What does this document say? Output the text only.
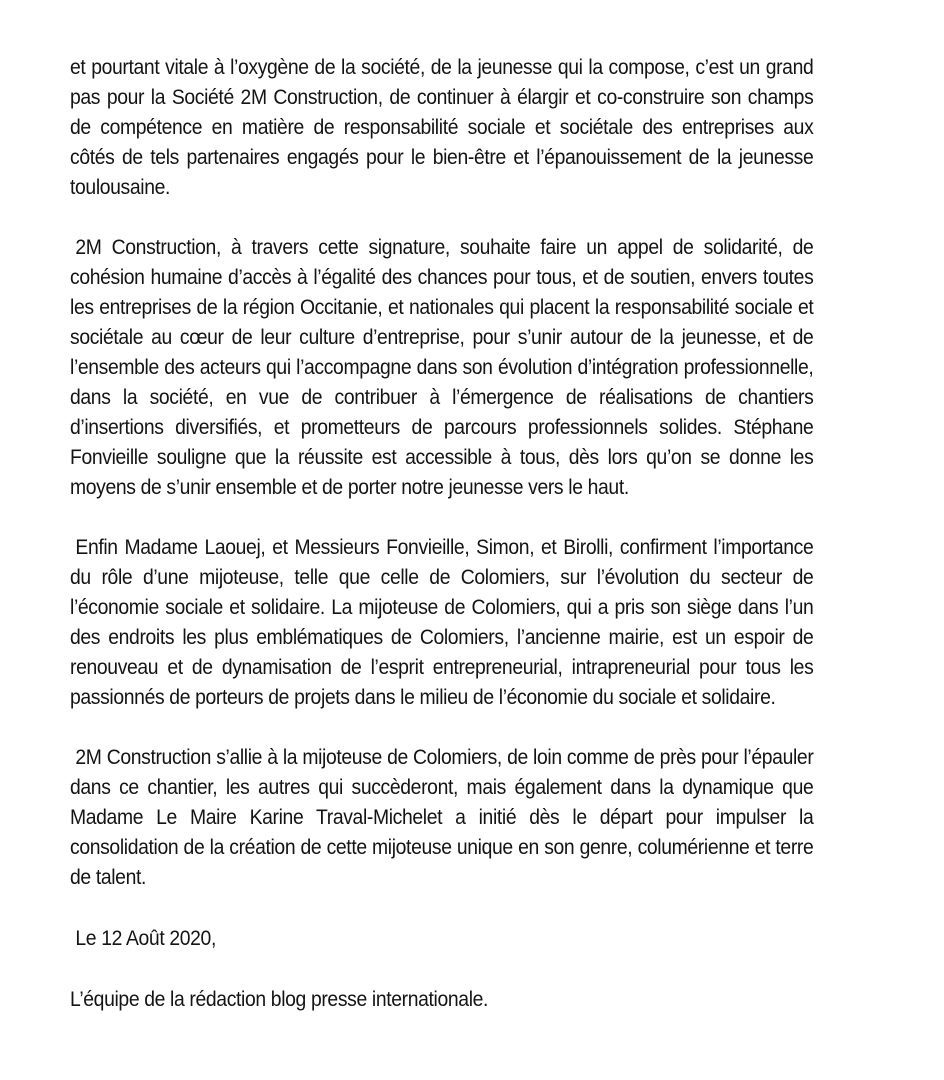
et pourtant vitale à l’oxygène de la société, de la jeunesse qui la compose, c’est un grand pas pour la Société 2M Construction, de continuer à élargir et co-construire son champs de compétence en matière de responsabilité sociale et sociétale des entreprises aux côtés de tels partenaires engagés pour le bien-être et l’épanouissement de la jeunesse toulousaine.

2M Construction, à travers cette signature, souhaite faire un appel de solidarité, de cohésion humaine d’accès à l’égalité des chances pour tous, et de soutien, envers toutes les entreprises de la région Occitanie, et nationales qui placent la responsabilité sociale et sociétale au cœur de leur culture d’entreprise, pour s’unir autour de la jeunesse, et de l’ensemble des acteurs qui l’accompagne dans son évolution d’intégration professionnelle, dans la société, en vue de contribuer à l’émergence de réalisations de chantiers d’insertions diversifiés, et prometteurs de parcours professionnels solides. Stéphane Fonvieille souligne que la réussite est accessible à tous, dès lors qu’on se donne les moyens de s’unir ensemble et de porter notre jeunesse vers le haut.

Enfin Madame Laouej, et Messieurs Fonvieille, Simon, et Birolli, confirment l’importance du rôle d’une mijoteuse, telle que celle de Colomiers, sur l’évolution du secteur de l’économie sociale et solidaire. La mijoteuse de Colomiers, qui a pris son siège dans l’un des endroits les plus emblématiques de Colomiers, l’ancienne mairie, est un espoir de renouveau et de dynamisation de l’esprit entrepreneurial, intrapreneurial pour tous les passionnés de porteurs de projets dans le milieu de l’économie du sociale et solidaire.

2M Construction s’allie à la mijoteuse de Colomiers, de loin comme de près pour l’épauler dans ce chantier, les autres qui succèderont, mais également dans la dynamique que Madame Le Maire Karine Traval-Michelet a initié dès le départ pour impulser la consolidation de la création de cette mijoteuse unique en son genre, columérienne et terre de talent.

Le 12 Août 2020,

L’équipe de la rédaction blog presse internationale.
